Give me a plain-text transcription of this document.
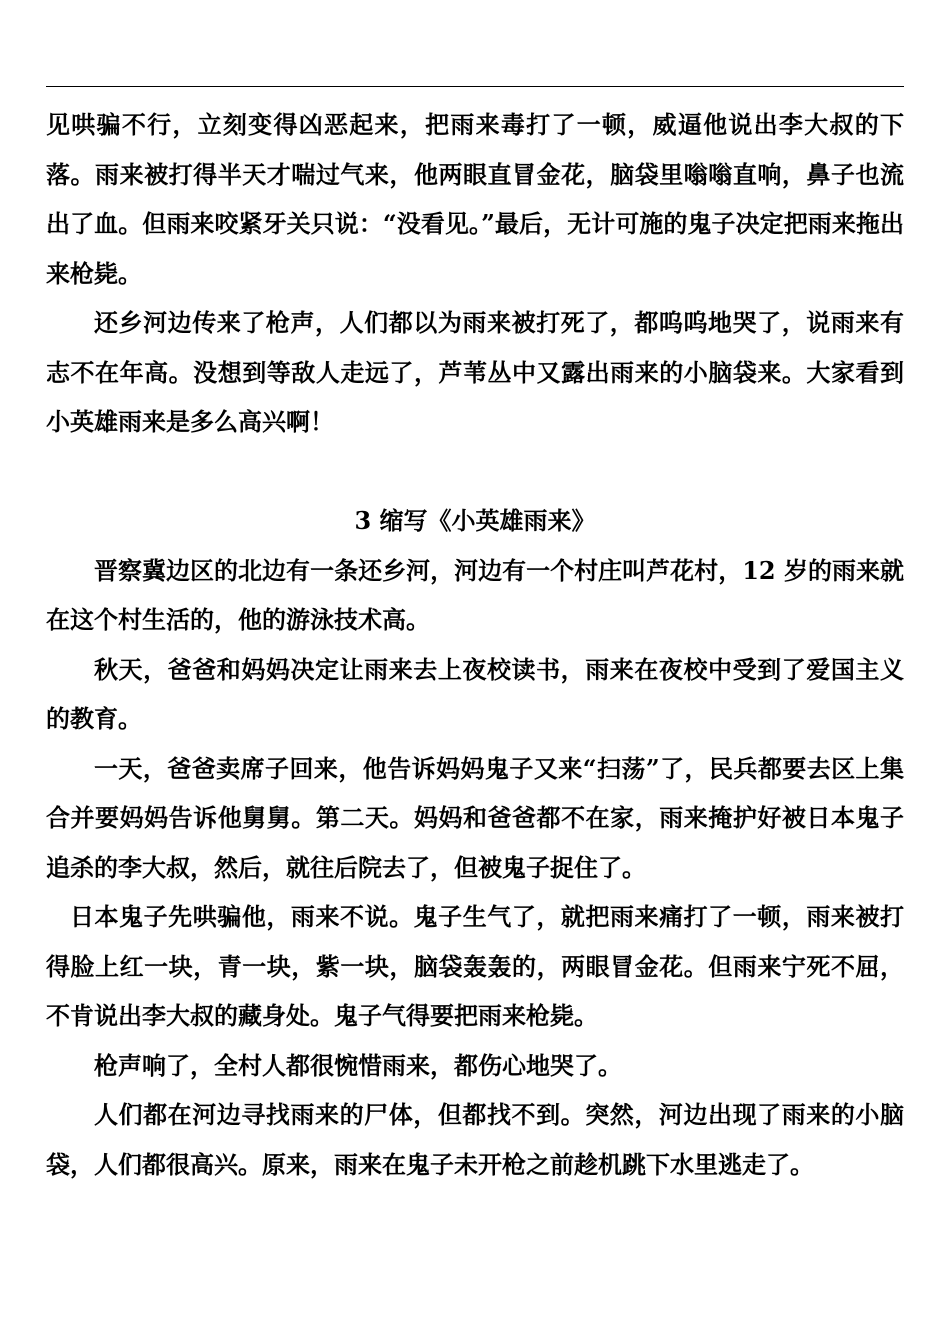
见哄骗不行，立刻变得凶恶起来，把雨来毒打了一顿，威逼他说出李大叔的下落。雨来被打得半天才喘过气来，他两眼直冒金花，脑袋里嗡嗡直响，鼻子也流出了血。但雨来咬紧牙关只说：“没看见。”最后，无计可施的鬼子决定把雨来拖出来枪毙。

还乡河边传来了枪声，人们都以为雨来被打死了，都呜呜地哭了，说雨来有志不在年高。没想到等敌人走远了，芦苇丛中又露出雨来的小脑袋来。大家看到小英雄雨来是多么高兴啊！

3 缩写《小英雄雨来》

晋察冀边区的北边有一条还乡河，河边有一个村庄叫芦花村，12 岁的雨来就在这个村生活的，他的游泳技术高。

秋天，爸爸和妈妈决定让雨来去上夜校读书，雨来在夜校中受到了爱国主义的教育。

一天，爸爸卖席子回来，他告诉妈妈鬼子又来“扫荡”了，民兵都要去区上集合并要妈妈告诉他舅舅。第二天。妈妈和爸爸都不在家，雨来掩护好被日本鬼子追杀的李大叔，然后，就往后院去了，但被鬼子捉住了。

日本鬼子先哄骗他，雨来不说。鬼子生气了，就把雨来痛打了一顿，雨来被打得脸上红一块，青一块，紫一块，脑袋轰轰的，两眼冒金花。但雨来宁死不屈，不肯说出李大叔的藏身处。鬼子气得要把雨来枪毙。

枪声响了，全村人都很惋惜雨来，都伤心地哭了。

人们都在河边寻找雨来的尸体，但都找不到。突然，河边出现了雨来的小脑袋，人们都很高兴。原来，雨来在鬼子未开枪之前趁机跳下水里逃走了。
